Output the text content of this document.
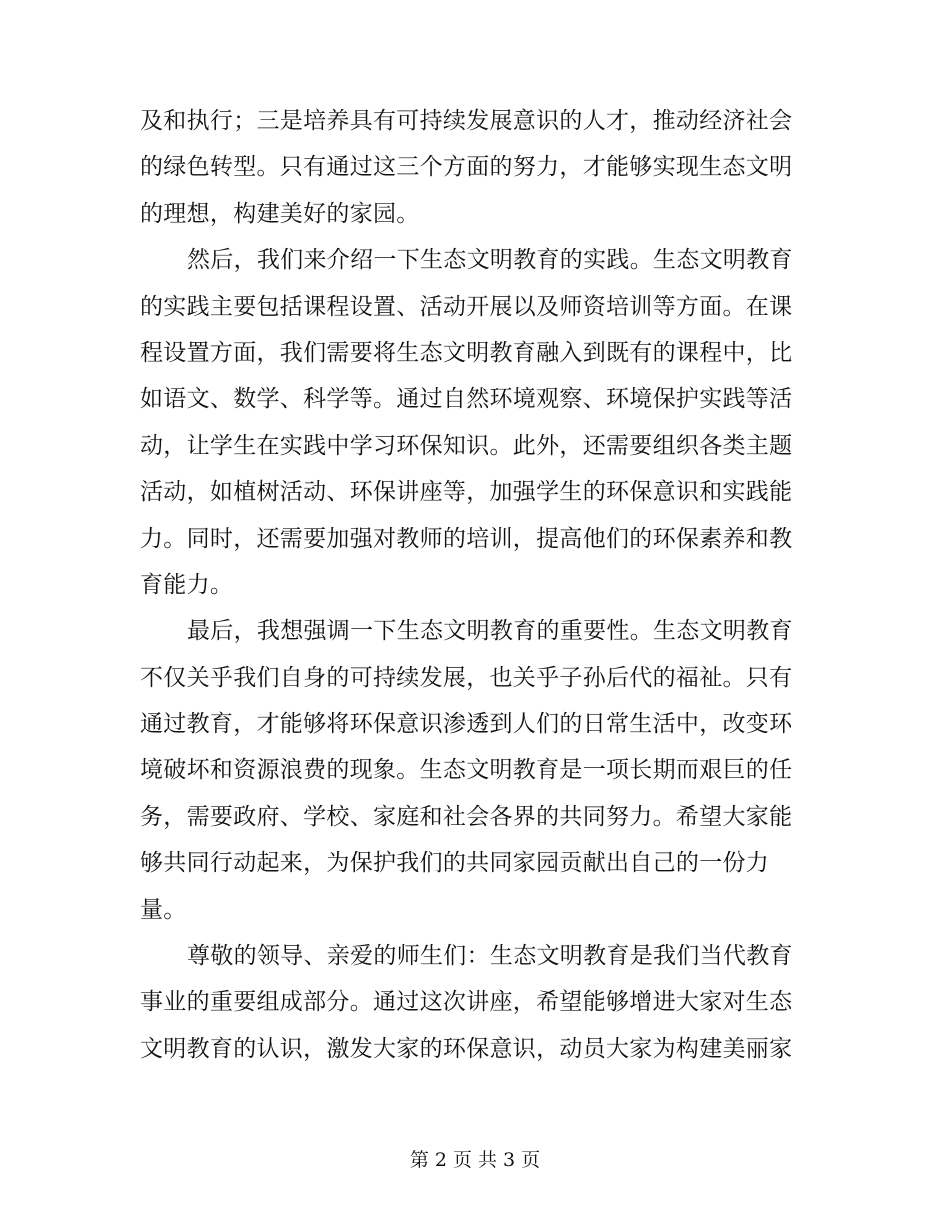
及和执行；三是培养具有可持续发展意识的人才，推动经济社会
的绿色转型。只有通过这三个方面的努力，才能够实现生态文明
的理想，构建美好的家园。
然后，我们来介绍一下生态文明教育的实践。生态文明教育
的实践主要包括课程设置、活动开展以及师资培训等方面。在课
程设置方面，我们需要将生态文明教育融入到既有的课程中，比
如语文、数学、科学等。通过自然环境观察、环境保护实践等活
动，让学生在实践中学习环保知识。此外，还需要组织各类主题
活动，如植树活动、环保讲座等，加强学生的环保意识和实践能
力。同时，还需要加强对教师的培训，提高他们的环保素养和教
育能力。
最后，我想强调一下生态文明教育的重要性。生态文明教育
不仅关乎我们自身的可持续发展，也关乎子孙后代的福祉。只有
通过教育，才能够将环保意识渗透到人们的日常生活中，改变环
境破坏和资源浪费的现象。生态文明教育是一项长期而艰巨的任
务，需要政府、学校、家庭和社会各界的共同努力。希望大家能
够共同行动起来，为保护我们的共同家园贡献出自己的一份力
量。
尊敬的领导、亲爱的师生们：生态文明教育是我们当代教育
事业的重要组成部分。通过这次讲座，希望能够增进大家对生态
文明教育的认识，激发大家的环保意识，动员大家为构建美丽家
第 2 页 共 3 页
